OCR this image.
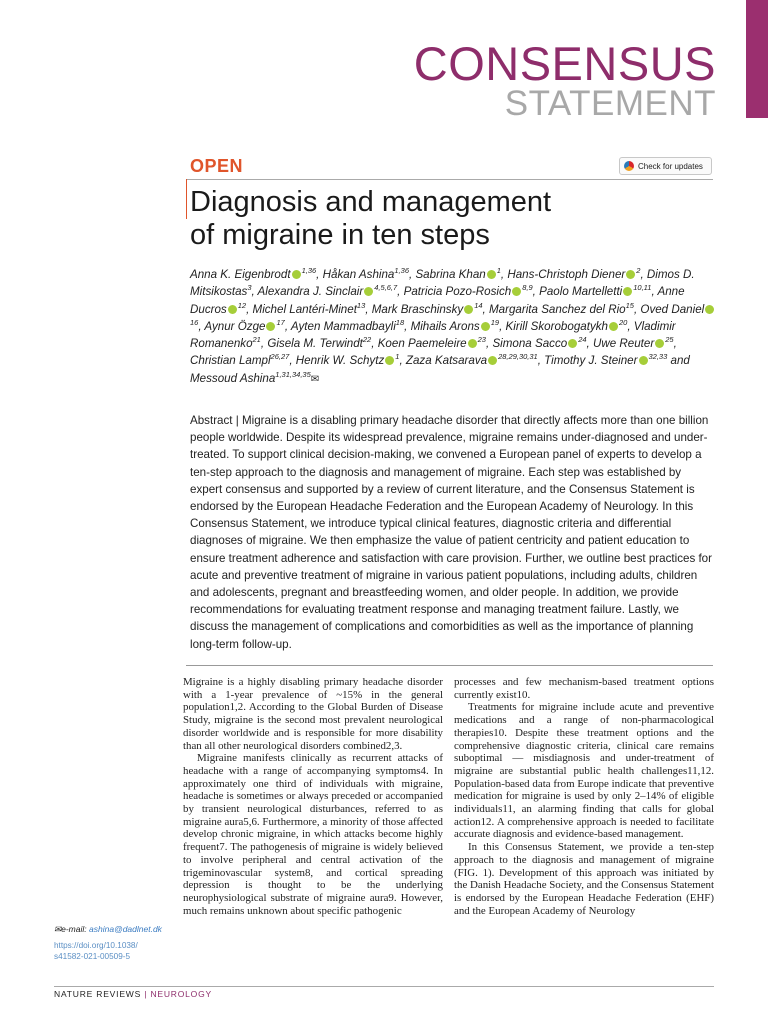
CONSENSUS
STATEMENT
OPEN	Check for updates
Diagnosis and management
of migraine in ten steps
Anna K. Eigenbrodt $^{1,36}$, Håkan Ashina$^{1,36}$, Sabrina Khan $^1$, Hans-Christoph Diener $^2$, Dimos D. Mitsikostas$^3$, Alexandra J. Sinclair $^{4,5,6,7}$, Patricia Pozo-Rosich $^{8,9}$, Paolo Martelletti $^{10,11}$, Anne Ducros $^{12}$, Michel Lantéri-Minet$^{13}$, Mark Braschinsky $^{14}$, Margarita Sanchez del Rio$^{15}$, Oved Daniel$^{16}$, Aynur Özge $^{17}$, Ayten Mammadbayli$^{18}$, Mihails Arons $^{19}$, Kirill Skorobogatykh $^{20}$, Vladimir Romanenko$^{21}$, Gisela M. Terwindt$^{22}$, Koen Paemeleire $^{23}$, Simona Sacco $^{24}$, Uwe Reuter $^{25}$, Christian Lampl$^{26,27}$, Henrik W. Schytz $^1$, Zaza Katsarava $^{28,29,30,31}$, Timothy J. Steiner $^{32,33}$ and Messoud Ashina$^{1,31,34,35}$✉
Abstract | Migraine is a disabling primary headache disorder that directly affects more than one billion people worldwide. Despite its widespread prevalence, migraine remains under-diagnosed and under-treated. To support clinical decision-making, we convened a European panel of experts to develop a ten-step approach to the diagnosis and management of migraine. Each step was established by expert consensus and supported by a review of current literature, and the Consensus Statement is endorsed by the European Headache Federation and the European Academy of Neurology. In this Consensus Statement, we introduce typical clinical features, diagnostic criteria and differential diagnoses of migraine. We then emphasize the value of patient centricity and patient education to ensure treatment adherence and satisfaction with care provision. Further, we outline best practices for acute and preventive treatment of migraine in various patient populations, including adults, children and adolescents, pregnant and breastfeeding women, and older people. In addition, we provide recommendations for evaluating treatment response and managing treatment failure. Lastly, we discuss the management of complications and comorbidities as well as the importance of planning long-term follow-up.

Migraine is a highly disabling primary headache disorder with a 1-year prevalence of ~15% in the general population1,2. According to the Global Burden of Disease Study, migraine is the second most prevalent neurological disorder worldwide and is responsible for more disability than all other neurological disorders combined2,3.

Migraine manifests clinically as recurrent attacks of headache with a range of accompanying symptoms4. In approximately one third of individuals with migraine, headache is sometimes or always preceded or accompanied by transient neurological disturbances, referred to as migraine aura5,6. Furthermore, a minority of those affected develop chronic migraine, in which attacks become highly frequent7. The pathogenesis of migraine is widely believed to involve peripheral and central activation of the trigeminovascular system8, and cortical spreading depression is thought to be the underlying neurophysiological substrate of migraine aura9. However, much remains unknown about specific pathogenic

processes and few mechanism-based treatment options currently exist10.

Treatments for migraine include acute and preventive medications and a range of non-pharmacological therapies10. Despite these treatment options and the comprehensive diagnostic criteria, clinical care remains suboptimal — misdiagnosis and under-treatment of migraine are substantial public health challenges11,12. Population-based data from Europe indicate that preventive medication for migraine is used by only 2–14% of eligible individuals11, an alarming finding that calls for global action12. A comprehensive approach is needed to facilitate accurate diagnosis and evidence-based management.

In this Consensus Statement, we provide a ten-step approach to the diagnosis and management of migraine (FIG. 1). Development of this approach was initiated by the Danish Headache Society, and the Consensus Statement is endorsed by the European Headache Federation (EHF) and the European Academy of Neurology

✉e-mail: ashina@dadlnet.dk
https://doi.org/10.1038/
s41582-021-00509-5
NATURE REVIEWS | NEUROLOGY
